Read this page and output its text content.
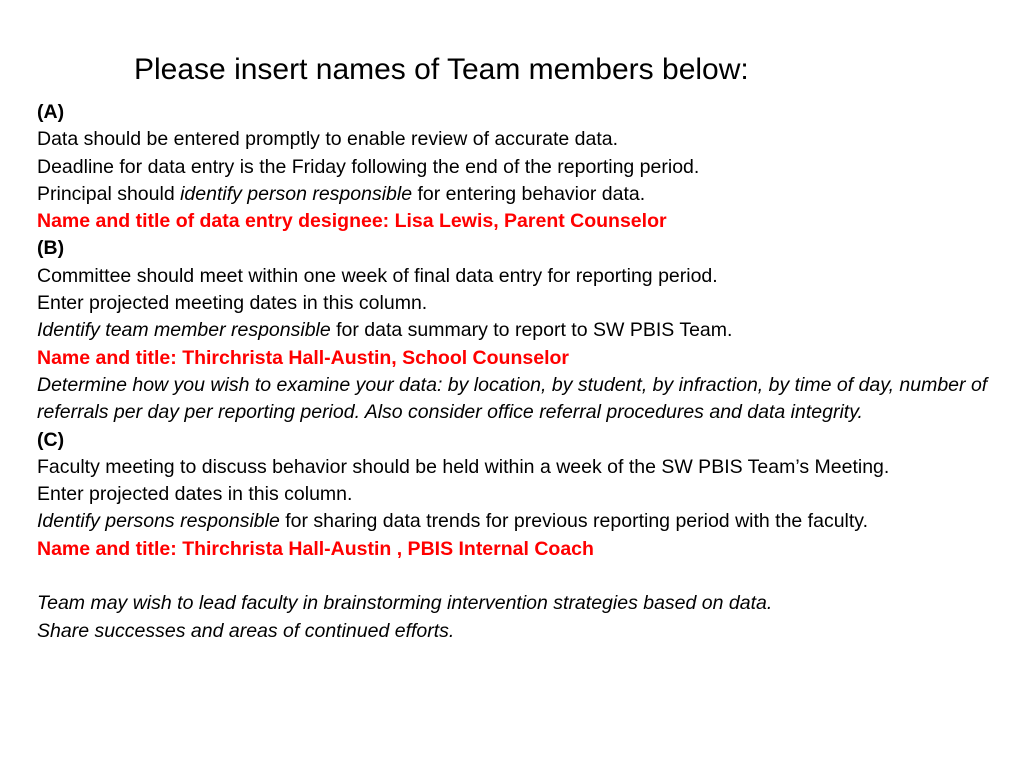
Please insert names of Team members below:
(A)
Data should be entered promptly to enable review of accurate data.
Deadline for data entry is the Friday following the end of the reporting period.
Principal should identify person responsible for entering behavior data.
Name and title of data entry designee: Lisa Lewis, Parent Counselor
(B)
Committee should meet within one week of final data entry for reporting period.
Enter projected meeting dates in this column.
Identify team member responsible for data summary to report to SW PBIS Team.
Name and title: Thirchrista Hall-Austin, School Counselor
Determine how you wish to examine your data: by location, by student, by infraction, by time of day, number of referrals per day per reporting period. Also consider office referral procedures and data integrity.
(C)
Faculty meeting to discuss behavior should be held within a week of the SW PBIS Team’s Meeting.
Enter projected dates in this column.
Identify persons responsible for sharing data trends for previous reporting period with the faculty.
Name and title: Thirchrista Hall-Austin , PBIS Internal Coach
Team may wish to lead faculty in brainstorming intervention strategies based on data.
Share successes and areas of continued efforts.
